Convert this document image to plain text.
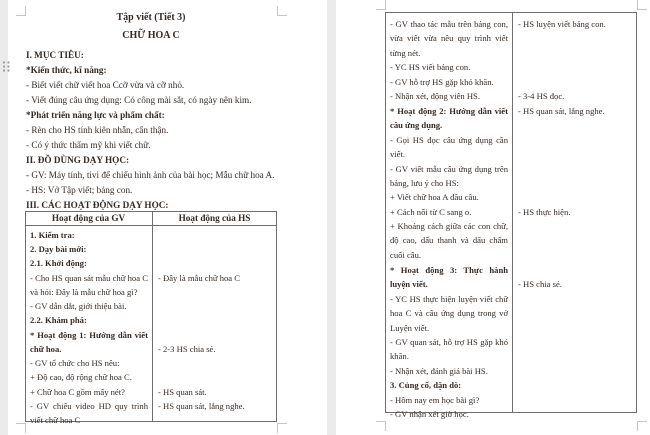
Tập viết (Tiết 3)
CHỮ HOA C
I. MỤC TIÊU:
*Kiến thức, kĩ năng:
- Biết viết chữ viết hoa Ccỡ vừa và cỡ nhỏ.
- Viết đúng câu ứng dụng: Có công mài sắt, có ngày nên kim.
*Phát triển năng lực và phẩm chất:
- Rèn cho HS tính kiên nhẫn, cẩn thận.
- Có ý thức thẩm mỹ khi viết chữ.
II. ĐỒ DÙNG DẠY HỌC:
- GV: Máy tính, tivi để chiếu hình ảnh của bài học; Mẫu chữ hoa A.
- HS: Vở Tập viết; bảng con.
III. CÁC HOẠT ĐỘNG DẠY HỌC:
Hoạt động của GV	Hoạt động của HS
1. Kiểm tra:
2. Dạy bài mới:
2.1. Khởi động:
- Cho HS quan sát mẫu chữ hoa C và hỏi: Đây là mẫu chữ hoa gì?
- GV dẫn dắt, giới thiệu bài.
2.2. Khám phá:
* Hoạt động 1: Hướng dẫn viết chữ hoa.
- GV tổ chức cho HS nêu:
+ Độ cao, độ rộng chữ hoa C.
+ Chữ hoa C gồm mấy nét?
- GV chiếu video HD quy trình viết chữ hoa C
- Đây là mẫu chữ hoa C
- 2-3 HS chia sẻ.
- HS quan sát.
- HS quan sát, lắng nghe.
- GV thao tác mẫu trên bảng con, vừa viết vừa nêu quy trình viết từng nét.
- YC HS viết bảng con.
- GV hỗ trợ HS gặp khó khăn.
- Nhận xét, động viên HS.
* Hoạt động 2: Hướng dẫn viết câu ứng dụng.
- Gọi HS đọc câu ứng dụng cần viết.
- GV viết mẫu câu ứng dụng trên bảng, lưu ý cho HS:
+ Viết chữ hoa A đầu câu.
+ Cách nối từ C sang o.
+ Khoảng cách giữa các con chữ, độ cao, dấu thanh và dấu chấm cuối câu.
* Hoạt động 3: Thực hành luyện viết.
- YC HS thực hiện luyện viết chữ hoa C và câu ứng dụng trong vở Luyện viết.
- GV quan sát, hỗ trợ HS gặp khó khăn.
- Nhận xét, đánh giá bài HS.
3. Củng cố, dặn dò:
- Hôm nay em học bài gì?
- GV nhận xét giờ học.
- HS luyện viết bảng con.
- 3-4 HS đọc.
- HS quan sát, lắng nghe.
- HS thực hiện.
- HS chia sẻ.
